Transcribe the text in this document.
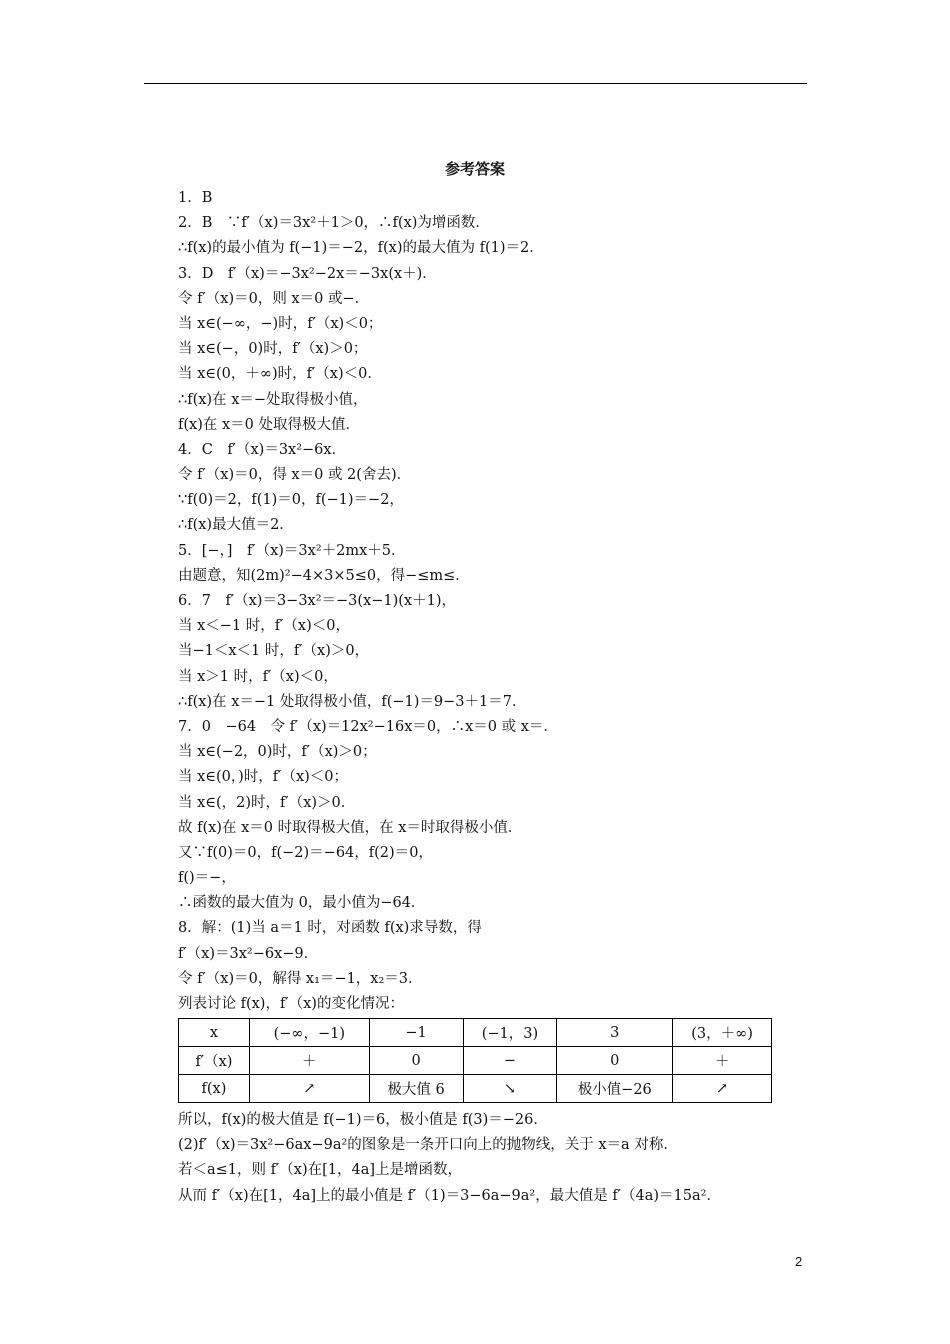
参考答案
1．B
2．B　∵f′（x)＝3x²＋1＞0，∴f(x)为增函数．
∴f(x)的最小值为 f(−1)＝−2，f(x)的最大值为 f(1)＝2．
3．D　f′（x)＝−3x²−2x＝−3x(x＋)．
令 f′（x)＝0，则 x＝0 或−．
当 x∈(−∞，−)时，f′（x)＜0；
当 x∈(−，0)时，f′（x)＞0；
当 x∈(0，＋∞)时，f′（x)＜0．
∴f(x)在 x＝−处取得极小值，
f(x)在 x＝0 处取得极大值．
4．C　f′（x)＝3x²−6x．
令 f′（x)＝0，得 x＝0 或 2(舍去)．
∵f(0)＝2，f(1)＝0，f(−1)＝−2，
∴f(x)最大值＝2．
5．[−，]　f′（x)＝3x²＋2mx＋5．
由题意，知(2m)²−4×3×5≤0，得−≤m≤．
6．7　f′（x)＝3−3x²＝−3(x−1)(x＋1)，
当 x＜−1 时，f′（x)＜0，
当−1＜x＜1 时，f′（x)＞0，
当 x＞1 时，f′（x)＜0，
∴f(x)在 x＝−1 处取得极小值，f(−1)＝9−3＋1＝7．
7．0　−64　令 f′（x)＝12x²−16x＝0，∴x＝0 或 x＝．
当 x∈(−2，0)时，f′（x)＞0；
当 x∈(0，)时，f′（x)＜0；
当 x∈(，2)时，f′（x)＞0．
故 f(x)在 x＝0 时取得极大值，在 x＝时取得极小值．
又∵f(0)＝0，f(−2)＝−64，f(2)＝0，
f()＝−，
∴函数的最大值为 0，最小值为−64．
8．解：(1)当 a＝1 时，对函数 f(x)求导数，得
f′（x)＝3x²−6x−9．
令 f′（x)＝0，解得 x₁＝−1，x₂＝3．
列表讨论 f(x)，f′（x)的变化情况：
x	(−∞，−1)	−1	(−1，3)	3	(3，＋∞)
f′（x)	＋	0	−	0	＋
f(x)	↗	极大值 6	↘	极小值−26	↗
所以，f(x)的极大值是 f(−1)＝6，极小值是 f(3)＝−26．
(2)f′（x)＝3x²−6ax−9a²的图象是一条开口向上的抛物线，关于 x＝a 对称．
若＜a≤1，则 f′（x)在[1，4a]上是增函数，
从而 f′（x)在[1，4a]上的最小值是 f′（1)＝3−6a−9a²，最大值是 f′（4a)＝15a²．
2
